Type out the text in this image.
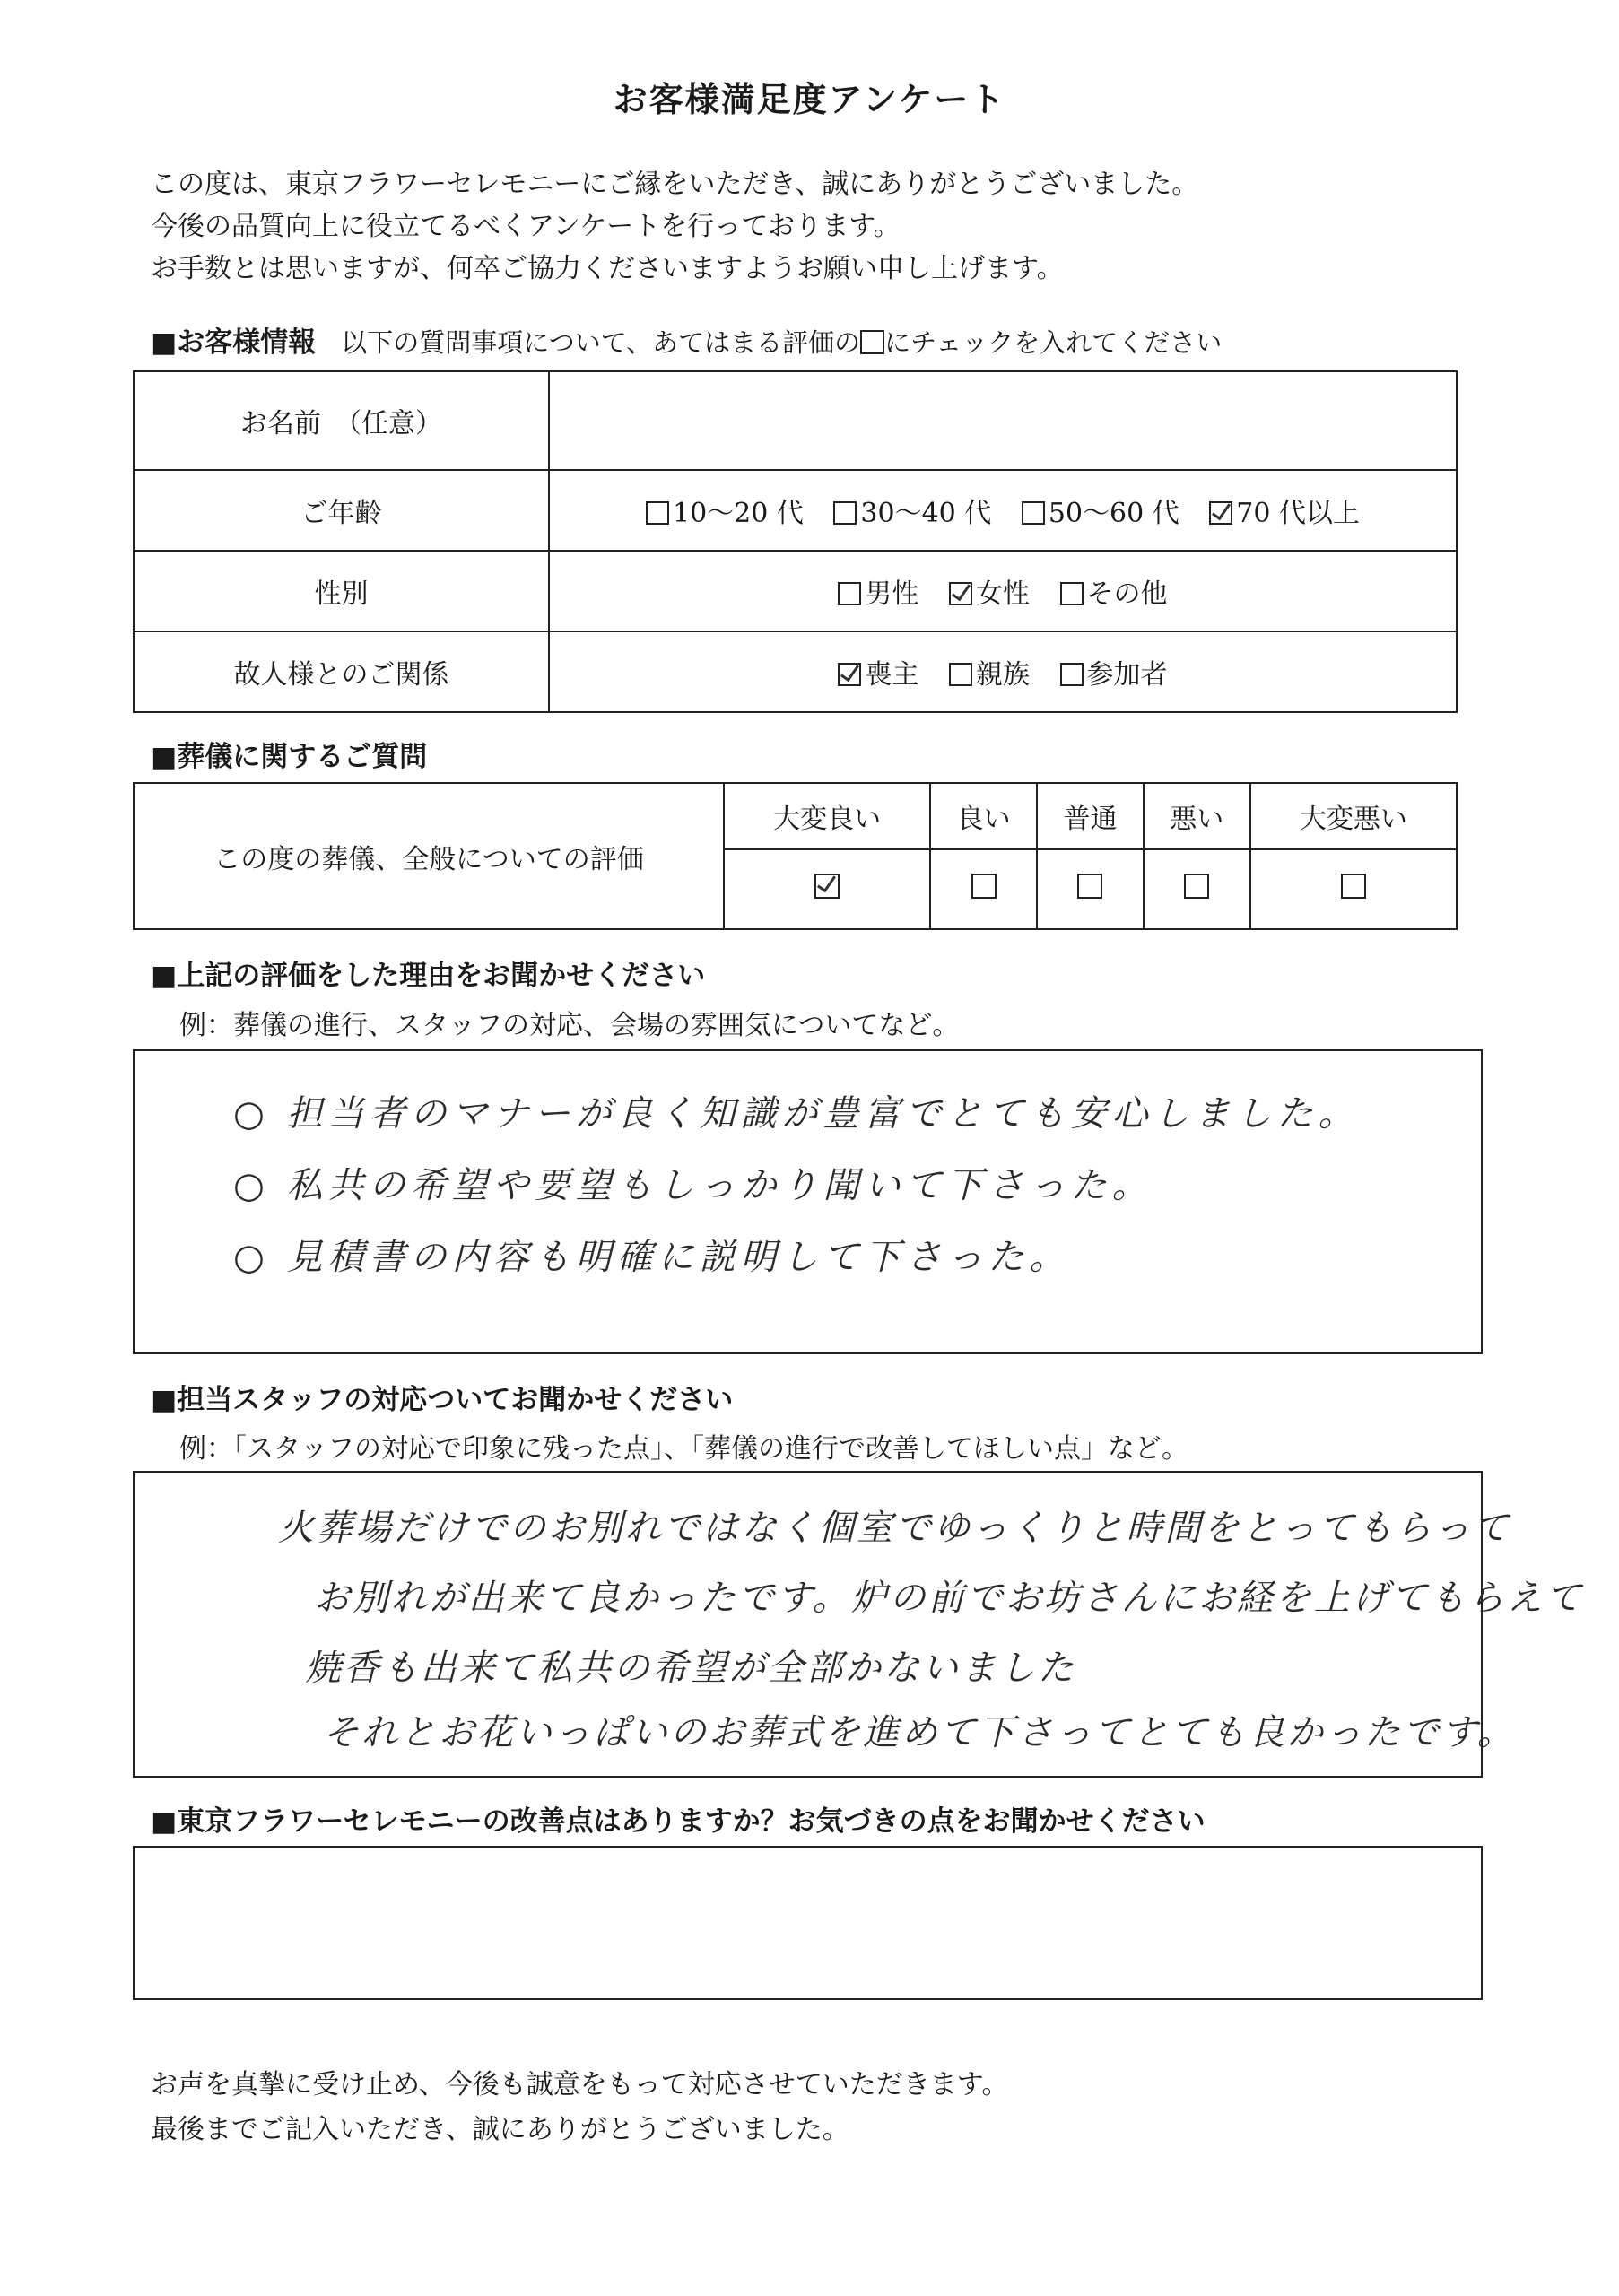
お客様満足度アンケート
この度は、東京フラワーセレモニーにご縁をいただき、誠にありがとうございました。
今後の品質向上に役立てるべくアンケートを行っております。
お手数とは思いますが、何卒ご協力くださいますようお願い申し上げます。
■お客様情報 以下の質問事項について、あてはまる評価の にチェックを入れてください
お名前　（任意）	
ご年齢	10～20 代 30～40 代 50～60 代 70 代以上
性別	男性 女性 その他
故人様とのご関係	喪主 親族 参加者
■葬儀に関するご質問
この度の葬儀、全般についての評価	大変良い	良い	普通	悪い	大変悪い

■上記の評価をした理由をお聞かせください
例：葬儀の進行、スタッフの対応、会場の雰囲気についてなど。
○ 担当者のマナーが良く知識が豊富でとても安心しました。
○ 私共の希望や要望もしっかり聞いて下さった。
○ 見積書の内容も明確に説明して下さった。
■担当スタッフの対応ついてお聞かせください
例：「スタッフの対応で印象に残った点」、「葬儀の進行で改善してほしい点」など。
火葬場だけでのお別れではなく個室でゆっくりと時間をとってもらって
お別れが出来て良かったです。炉の前でお坊さんにお経を上げてもらえて
焼香も出来て私共の希望が全部かないました
それとお花いっぱいのお葬式を進めて下さってとても良かったです。
■東京フラワーセレモニーの改善点はありますか？お気づきの点をお聞かせください
お声を真摯に受け止め、今後も誠意をもって対応させていただきます。
最後までご記入いただき、誠にありがとうございました。
